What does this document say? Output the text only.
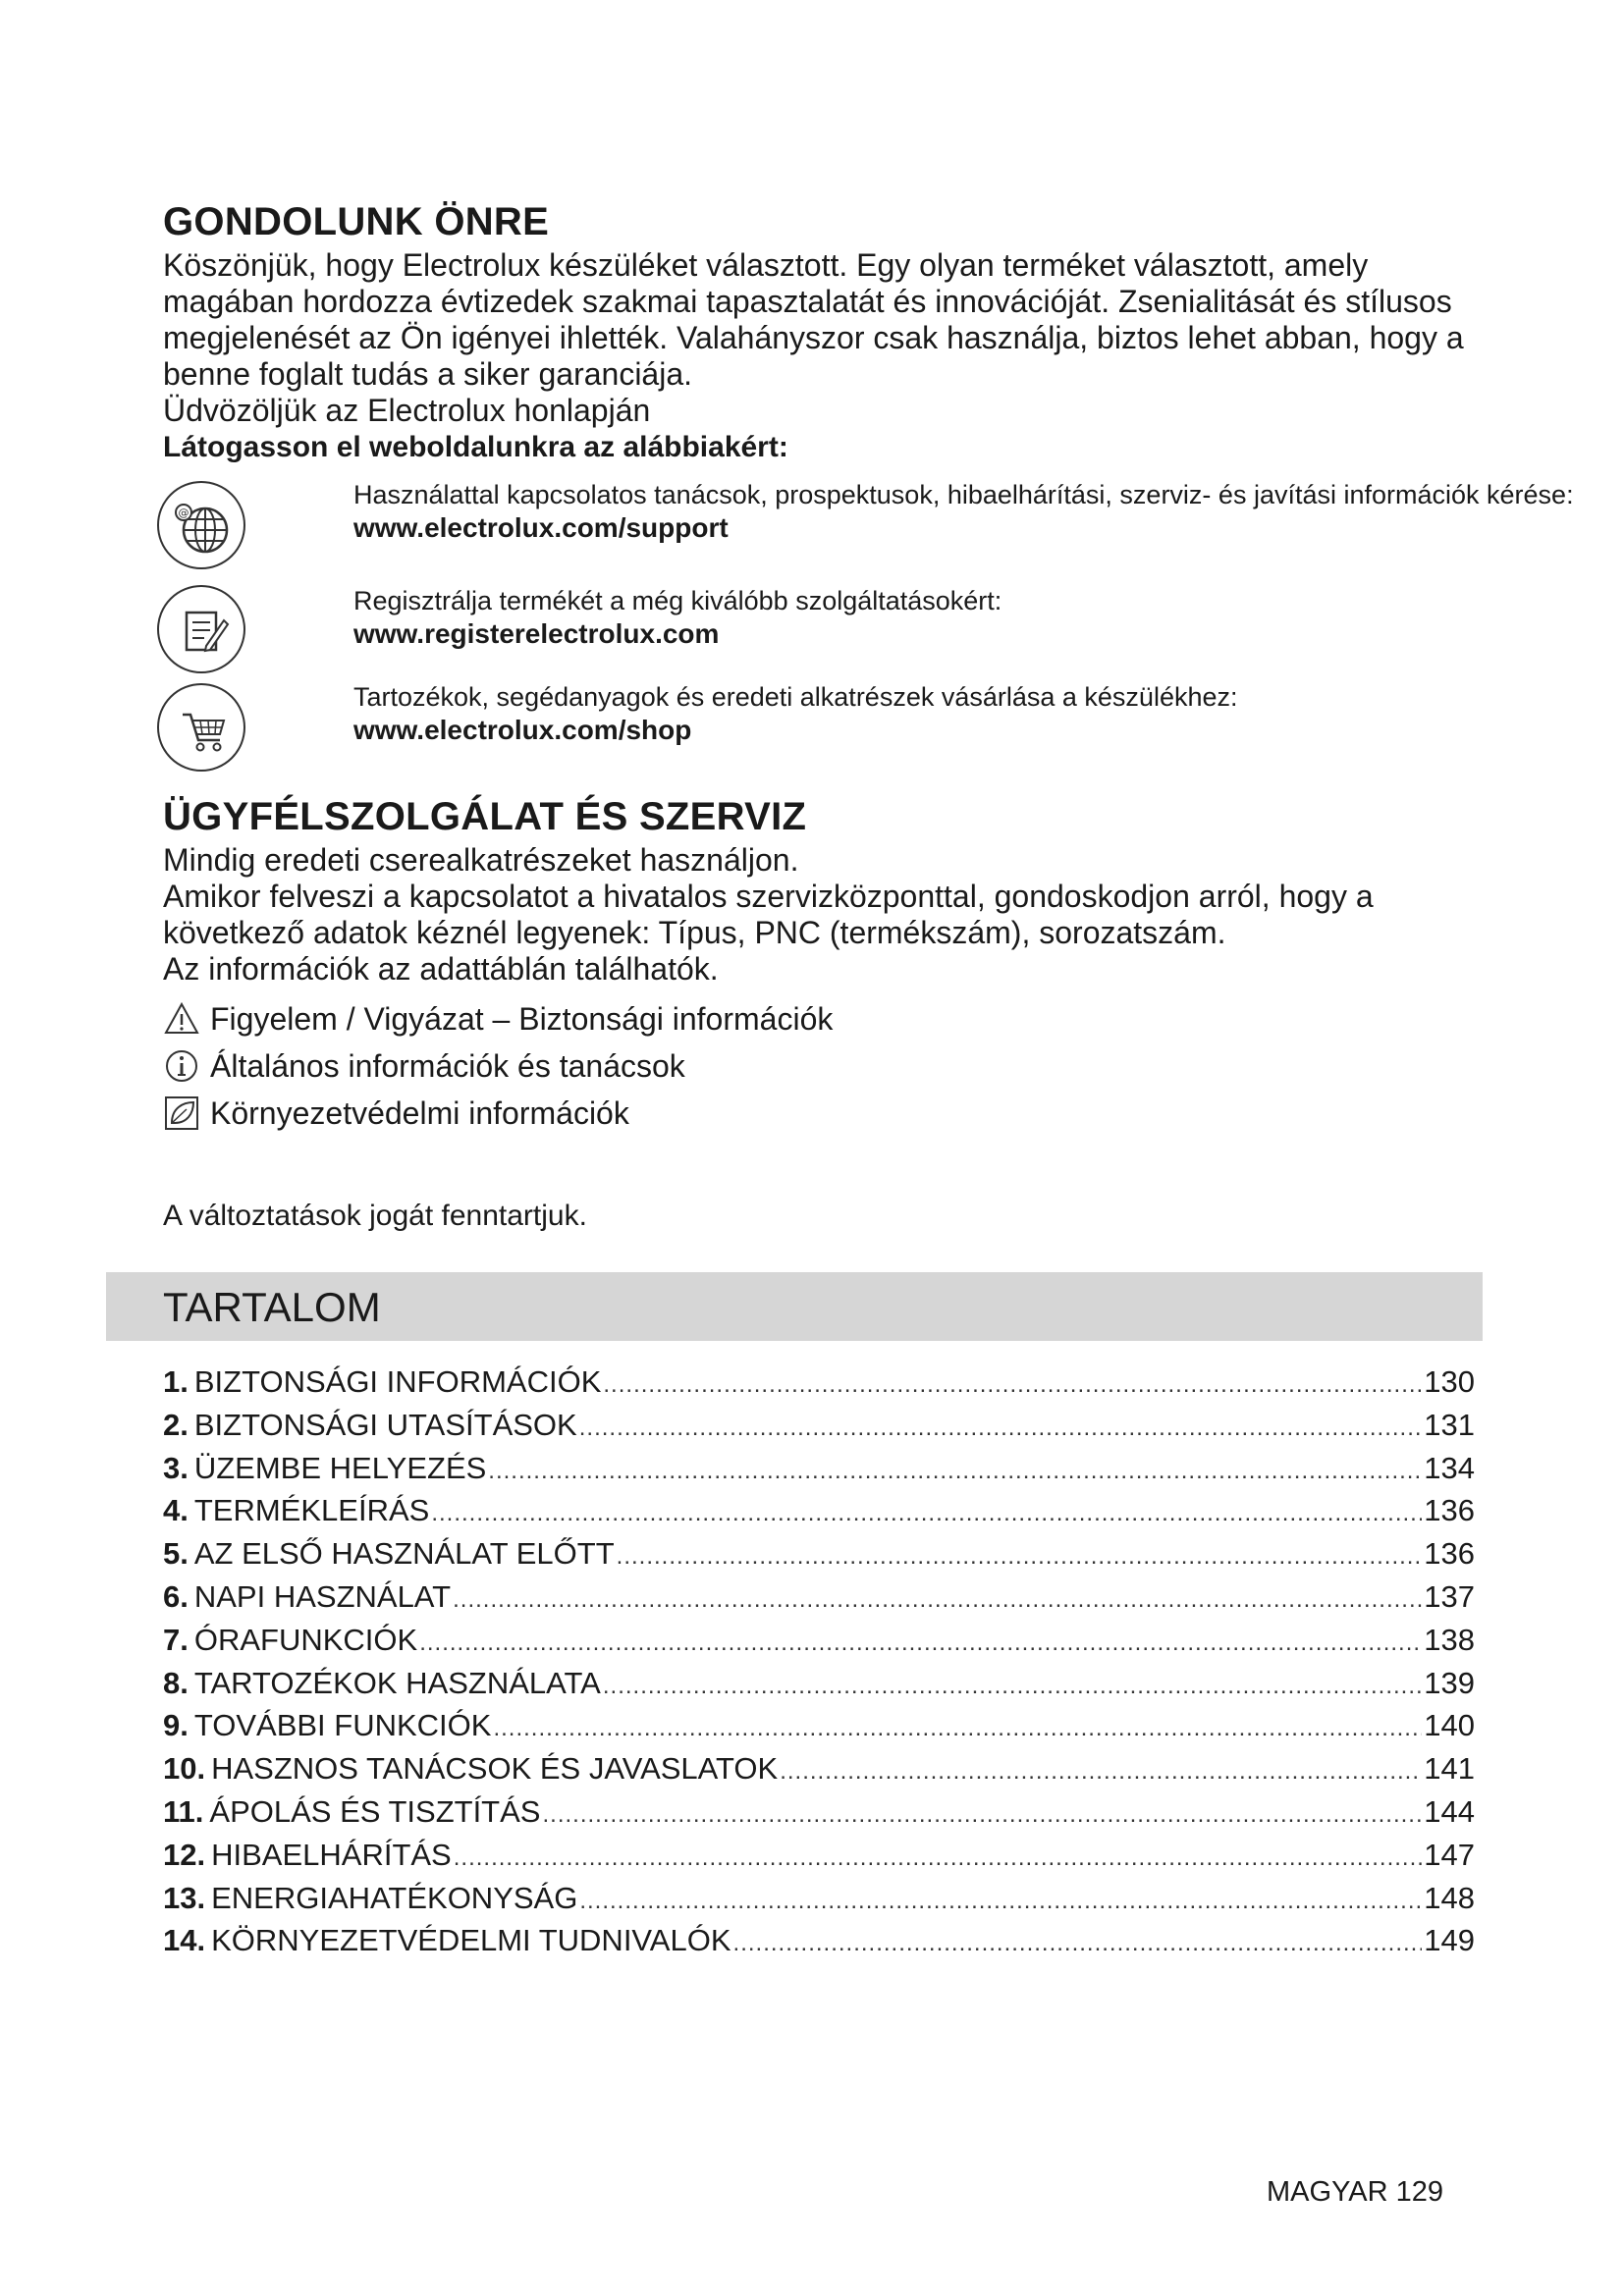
GONDOLUNK ÖNRE

Köszönjük, hogy Electrolux készüléket választott. Egy olyan terméket választott, amely magában hordozza évtizedek szakmai tapasztalatát és innovációját. Zsenialitását és stílusos megjelenését az Ön igényei ihlették. Valahányszor csak használja, biztos lehet abban, hogy a benne foglalt tudás a siker garanciája.

Üdvözöljük az Electrolux honlapján

Látogasson el weboldalunkra az alábbiakért:

@
Használattal kapcsolatos tanácsok, prospektusok, hibaelhárítási, szerviz- és javítási információk kérése:
www.electrolux.com/support
Regisztrálja termékét a még kiválóbb szolgáltatásokért:
www.registerelectrolux.com
Tartozékok, segédanyagok és eredeti alkatrészek vásárlása a készülékhez:
www.electrolux.com/shop
ÜGYFÉLSZOLGÁLAT ÉS SZERVIZ

Mindig eredeti cserealkatrészeket használjon.

Amikor felveszi a kapcsolatot a hivatalos szervizközponttal, gondoskodjon arról, hogy a következő adatok kéznél legyenek: Típus, PNC (termékszám), sorozatszám.

Az információk az adattáblán találhatók.

Figyelem / Vigyázat – Biztonsági információk
Általános információk és tanácsok
Környezetvédelmi információk

A változtatások jogát fenntartjuk.

TARTALOM
1. BIZTONSÁGI INFORMÁCIÓK .....	130
2. BIZTONSÁGI UTASÍTÁSOK .....	131
3. ÜZEMBE HELYEZÉS .....	134
4. TERMÉKLEÍRÁS .....	136
5. AZ ELSŐ HASZNÁLAT ELŐTT .....	136
6. NAPI HASZNÁLAT .....	137
7. ÓRAFUNKCIÓK .....	138
8. TARTOZÉKOK HASZNÁLATA .....	139
9. TOVÁBBI FUNKCIÓK .....	140
10. HASZNOS TANÁCSOK ÉS JAVASLATOK .....	141
11. ÁPOLÁS ÉS TISZTÍTÁS .....	144
12. HIBAELHÁRÍTÁS .....	147
13. ENERGIAHATÉKONYSÁG .....	148
14. KÖRNYEZETVÉDELMI TUDNIVALÓK .....	149
MAGYAR 129
